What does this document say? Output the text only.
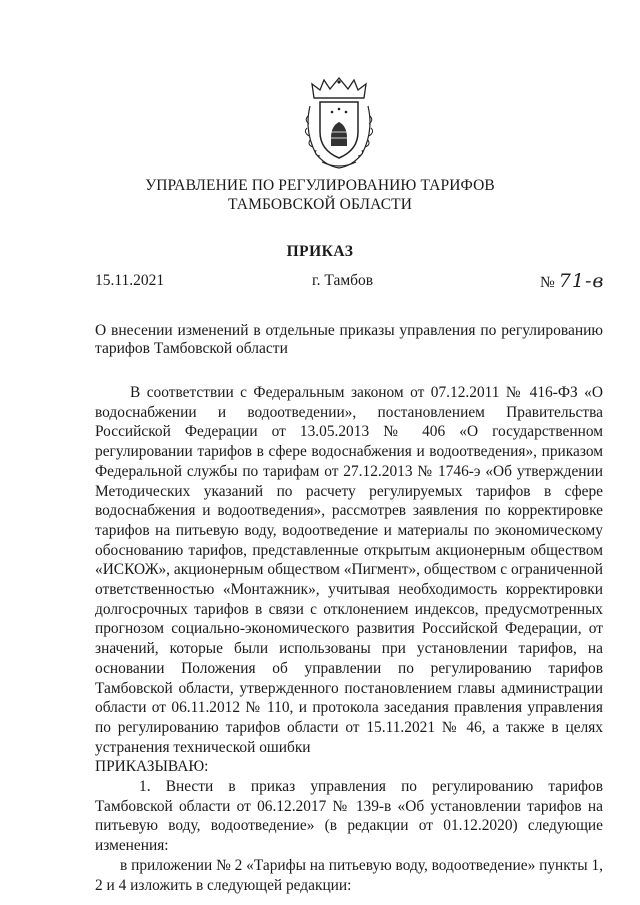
УПРАВЛЕНИЕ ПО РЕГУЛИРОВАНИЮ ТАРИФОВ
ТАМБОВСКОЙ ОБЛАСТИ
ПРИКАЗ
15.11.2021	г. Тамбов	№ 71-в
О внесении изменений в отдельные приказы управления по регулированию тарифов Тамбовской области

В соответствии с Федеральным законом от 07.12.2011 № 416-ФЗ «О водоснабжении и водоотведении», постановлением Правительства Российской Федерации от 13.05.2013 № 406 «О государственном регулировании тарифов в сфере водоснабжения и водоотведения», приказом Федеральной службы по тарифам от 27.12.2013 № 1746-э «Об утверждении Методических указаний по расчету регулируемых тарифов в сфере водоснабжения и водоотведения», рассмотрев заявления по корректировке тарифов на питьевую воду, водоотведение и материалы по экономическому обоснованию тарифов, представленные открытым акционерным обществом «ИСКОЖ», акционерным обществом «Пигмент», обществом с ограниченной ответственностью «Монтажник», учитывая необходимость корректировки долгосрочных тарифов в связи с отклонением индексов, предусмотренных прогнозом социально-экономического развития Российской Федерации, от значений, которые были использованы при установлении тарифов, на основании Положения об управлении по регулированию тарифов Тамбовской области, утвержденного постановлением главы администрации области от 06.11.2012 № 110, и протокола заседания правления управления по регулированию тарифов области от 15.11.2021 № 46, а также в целях устранения технической ошибки

ПРИКАЗЫВАЮ:

1. Внести в приказ управления по регулированию тарифов Тамбовской области от 06.12.2017 № 139-в «Об установлении тарифов на питьевую воду, водоотведение» (в редакции от 01.12.2020) следующие изменения:

в приложении № 2 «Тарифы на питьевую воду, водоотведение» пункты 1, 2 и 4 изложить в следующей редакции:
